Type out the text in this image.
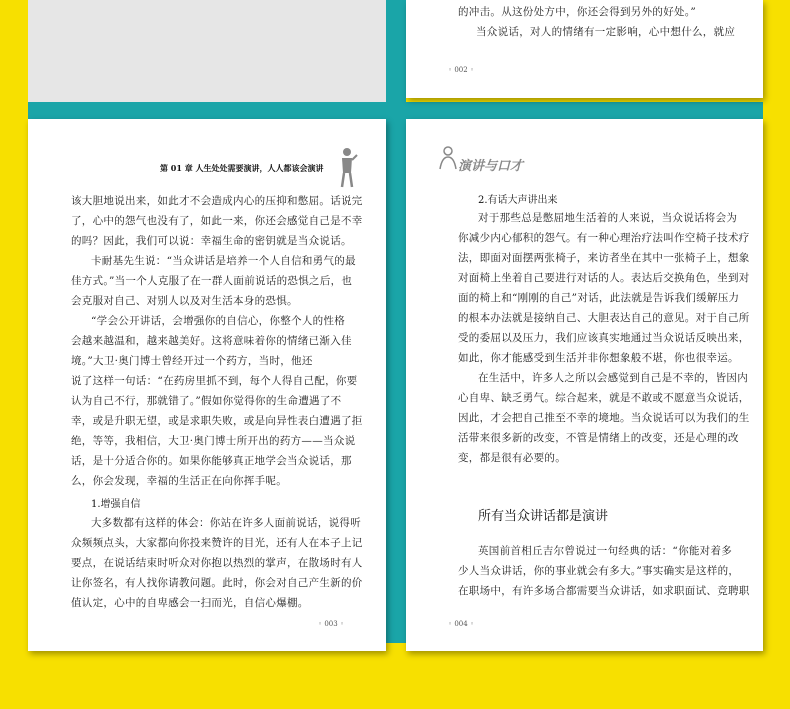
的冲击。从这份处方中，你还会得到另外的好处。”
当众说话，对人的情绪有一定影响，心中想什么，就应
◦ 002 ◦
第 01 章 人生处处需要演讲，人人都该会演讲
该大胆地说出来，如此才不会造成内心的压抑和憋屈。话说完
了，心中的怨气也没有了，如此一来，你还会感觉自己是不幸
的吗？因此，我们可以说：幸福生命的密钥就是当众说话。
卡耐基先生说：“当众讲话是培养一个人自信和勇气的最
佳方式。”当一个人克服了在一群人面前说话的恐惧之后，也
会克服对自己、对别人以及对生活本身的恐惧。
“学会公开讲话，会增强你的自信心，你整个人的性格
会越来越温和，越来越美好。这将意味着你的情绪已渐入佳
境。”大卫·奥门博士曾经开过一个药方，当时，他还
说了这样一句话：“在药房里抓不到，每个人得自己配，你要
认为自己不行，那就错了。”假如你觉得你的生命遭遇了不
幸，或是升职无望，或是求职失败，或是向异性表白遭遇了拒
绝，等等，我相信，大卫·奥门博士所开出的药方——当众说
话，是十分适合你的。如果你能够真正地学会当众说话，那
么，你会发现，幸福的生活正在向你挥手呢。
1.增强自信
大多数都有这样的体会：你站在许多人面前说话，说得听
众频频点头，大家都向你投来赞许的目光，还有人在本子上记
要点，在说话结束时听众对你抱以热烈的掌声，在散场时有人
让你签名，有人找你请教问题。此时，你会对自己产生新的价
值认定，心中的自卑感会一扫而光，自信心爆棚。
◦ 003 ◦
演讲与口才
2.有话大声讲出来
对于那些总是憋屈地生活着的人来说，当众说话将会为
你减少内心郁积的怨气。有一种心理治疗法叫作空椅子技术疗
法，即面对面摆两张椅子，来访者坐在其中一张椅子上，想象
对面椅上坐着自己要进行对话的人。表达后交换角色，坐到对
面的椅上和“刚刚的自己”对话，此法就是告诉我们缓解压力
的根本办法就是接纳自己、大胆表达自己的意见。对于自己所
受的委屈以及压力，我们应该真实地通过当众说话反映出来，
如此，你才能感受到生活并非你想象般不堪，你也很幸运。
在生活中，许多人之所以会感觉到自己是不幸的，皆因内
心自卑、缺乏勇气。综合起来，就是不敢或不愿意当众说话，
因此，才会把自己推至不幸的境地。当众说话可以为我们的生
活带来很多新的改变，不管是情绪上的改变，还是心理的改
变，都是很有必要的。
所有当众讲话都是演讲
英国前首相丘吉尔曾说过一句经典的话：“你能对着多
少人当众讲话，你的事业就会有多大。”事实确实是这样的，
在职场中，有许多场合都需要当众讲话，如求职面试、竞聘职
◦ 004 ◦
